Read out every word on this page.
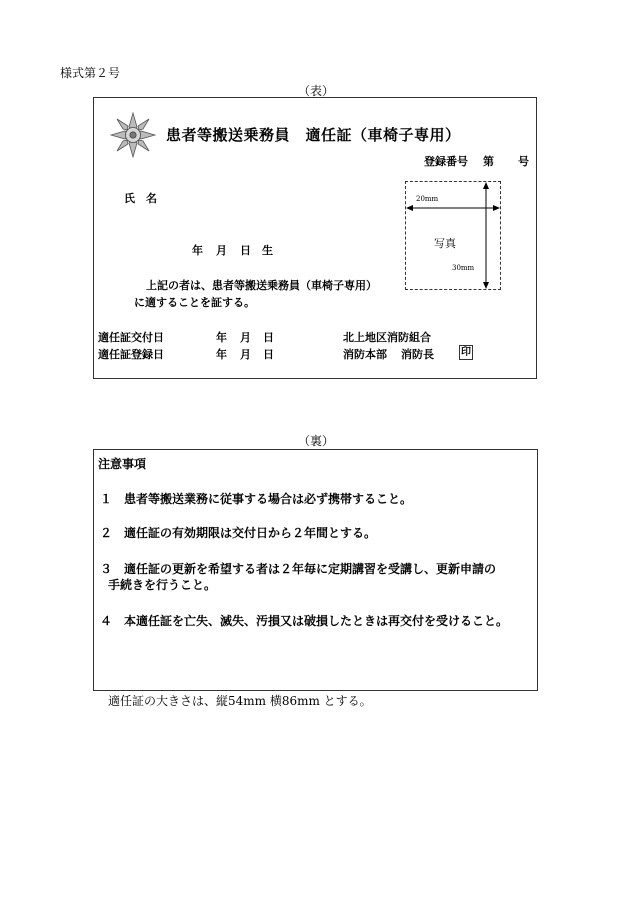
様式第２号
（表）
患者等搬送乗務員　適任証（車椅子専用）
登録番号 第 号
氏　名
年 月 日 生
上記の者は、患者等搬送乗務員（車椅子専用）
に適することを証する。
20mm
写真
30mm
適任証交付日	年 月 日	北上地区消防組合
適任証登録日	年 月 日	消防本部 消防長	印
（裏）
注意事項
１ 患者等搬送業務に従事する場合は必ず携帯すること。
２ 適任証の有効期限は交付日から２年間とする。
３ 適任証の更新を希望する者は２年毎に定期講習を受講し、更新申請の
手続きを行うこと。
４ 本適任証を亡失、滅失、汚損又は破損したときは再交付を受けること。
適任証の大きさは、縦54mm 横86mm とする。
